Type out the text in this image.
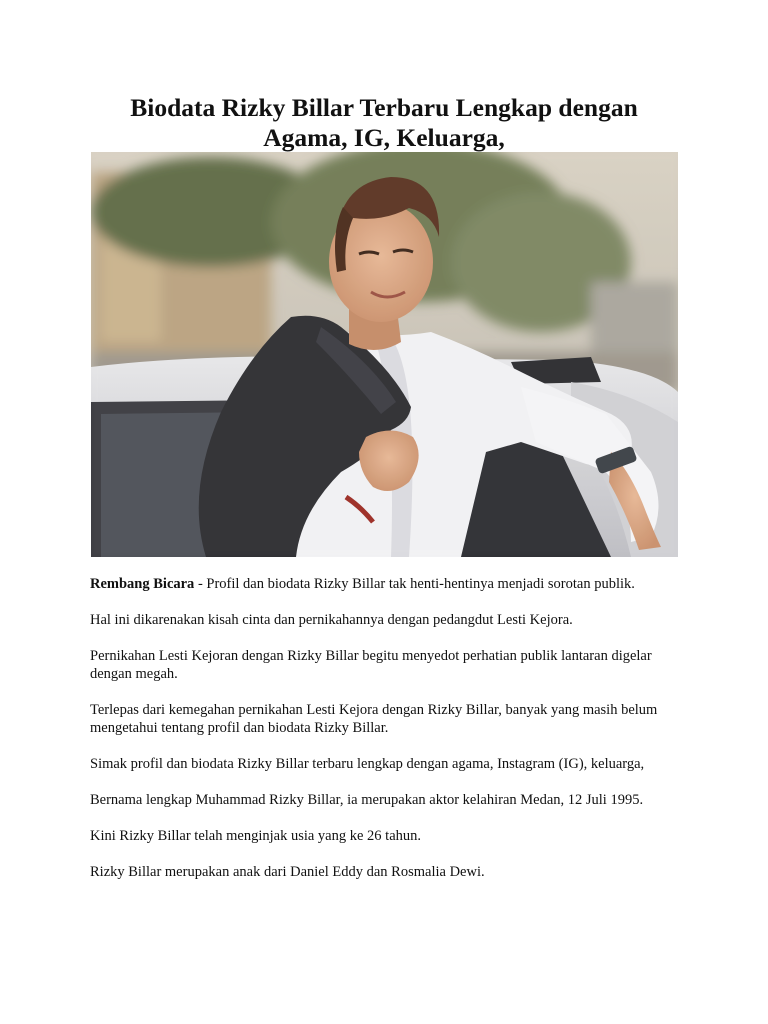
Biodata Rizky Billar Terbaru Lengkap dengan
Agama, IG, Keluarga,

Rembang Bicara - Profil dan biodata Rizky Billar tak henti-hentinya menjadi sorotan publik.

Hal ini dikarenakan kisah cinta dan pernikahannya dengan pedangdut Lesti Kejora.

Pernikahan Lesti Kejoran dengan Rizky Billar begitu menyedot perhatian publik lantaran digelar dengan megah.

Terlepas dari kemegahan pernikahan Lesti Kejora dengan Rizky Billar, banyak yang masih belum mengetahui tentang profil dan biodata Rizky Billar.

Simak profil dan biodata Rizky Billar terbaru lengkap dengan agama, Instagram (IG), keluarga,

Bernama lengkap Muhammad Rizky Billar, ia merupakan aktor kelahiran Medan, 12 Juli 1995.

Kini Rizky Billar telah menginjak usia yang ke 26 tahun.

Rizky Billar merupakan anak dari Daniel Eddy dan Rosmalia Dewi.
